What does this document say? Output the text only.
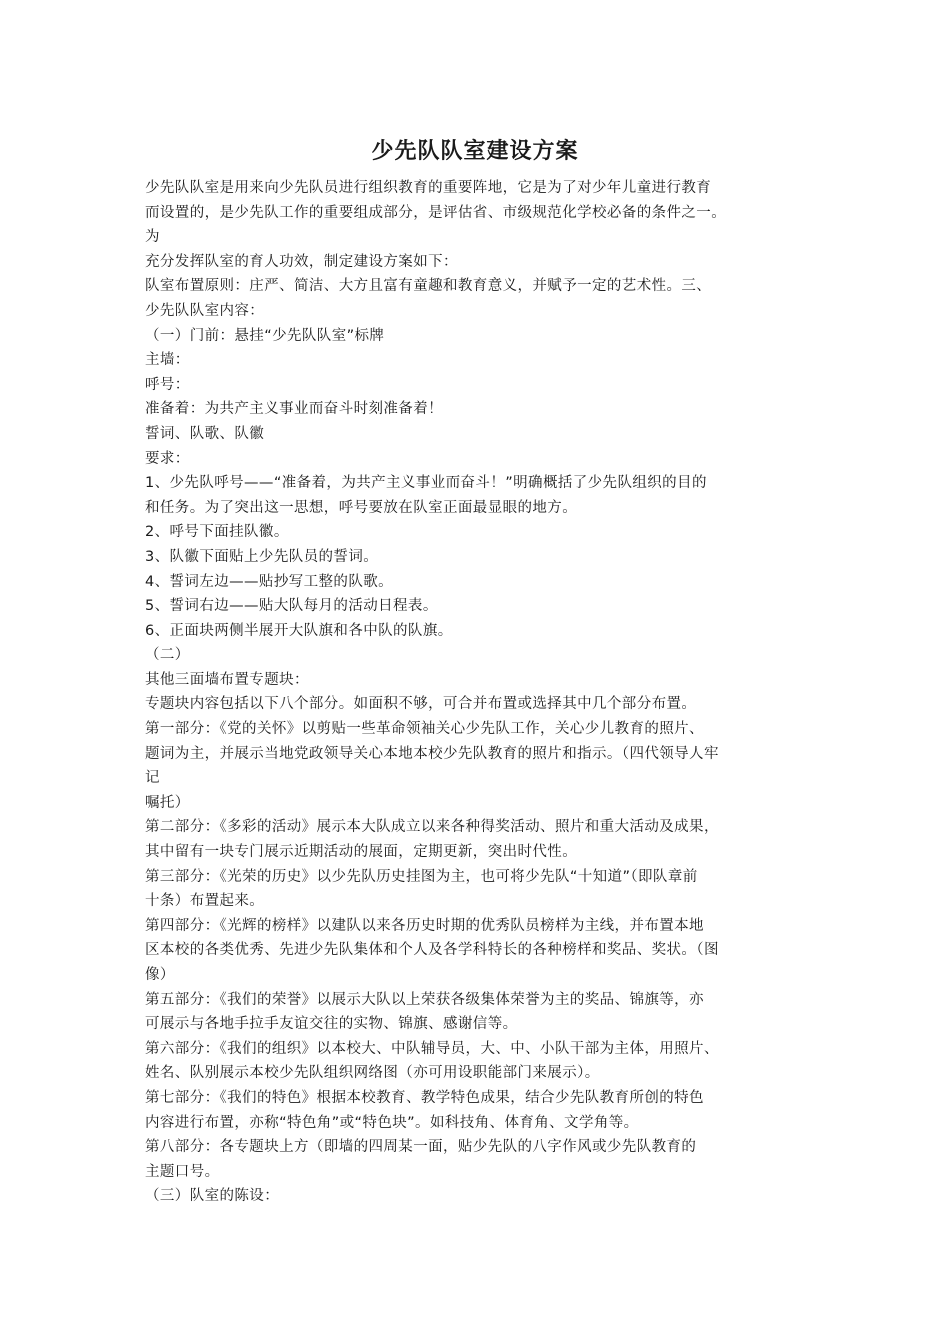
少先队队室建设方案
少先队队室是用来向少先队员进行组织教育的重要阵地，它是为了对少年儿童进行教育
而设置的，是少先队工作的重要组成部分，是评估省、市级规范化学校必备的条件之一。
为
充分发挥队室的育人功效，制定建设方案如下：
队室布置原则：庄严、简洁、大方且富有童趣和教育意义，并赋予一定的艺术性。三、
少先队队室内容：
（一）门前：悬挂“少先队队室”标牌
主墙：
呼号：
准备着：为共产主义事业而奋斗时刻准备着！
誓词、队歌、队徽
要求：
1、少先队呼号——“准备着，为共产主义事业而奋斗！”明确概括了少先队组织的目的
和任务。为了突出这一思想，呼号要放在队室正面最显眼的地方。
2、呼号下面挂队徽。
3、队徽下面贴上少先队员的誓词。
4、誓词左边——贴抄写工整的队歌。
5、誓词右边——贴大队每月的活动日程表。
6、正面块两侧半展开大队旗和各中队的队旗。
（二）
其他三面墙布置专题块：
专题块内容包括以下八个部分。如面积不够，可合并布置或选择其中几个部分布置。
第一部分：《党的关怀》以剪贴一些革命领袖关心少先队工作，关心少儿教育的照片、
题词为主，并展示当地党政领导关心本地本校少先队教育的照片和指示。（四代领导人牢
记
嘱托）
第二部分：《多彩的活动》展示本大队成立以来各种得奖活动、照片和重大活动及成果，
其中留有一块专门展示近期活动的展面，定期更新，突出时代性。
第三部分：《光荣的历史》以少先队历史挂图为主，也可将少先队“十知道”（即队章前
十条）布置起来。
第四部分：《光辉的榜样》以建队以来各历史时期的优秀队员榜样为主线，并布置本地
区本校的各类优秀、先进少先队集体和个人及各学科特长的各种榜样和奖品、奖状。（图
像）
第五部分：《我们的荣誉》以展示大队以上荣获各级集体荣誉为主的奖品、锦旗等，亦
可展示与各地手拉手友谊交往的实物、锦旗、感谢信等。
第六部分：《我们的组织》以本校大、中队辅导员，大、中、小队干部为主体，用照片、
姓名、队别展示本校少先队组织网络图（亦可用设职能部门来展示）。
第七部分：《我们的特色》根据本校教育、教学特色成果，结合少先队教育所创的特色
内容进行布置，亦称“特色角”或“特色块”。如科技角、体育角、文学角等。
第八部分：各专题块上方（即墙的四周某一面，贴少先队的八字作风或少先队教育的
主题口号。
（三）队室的陈设：
